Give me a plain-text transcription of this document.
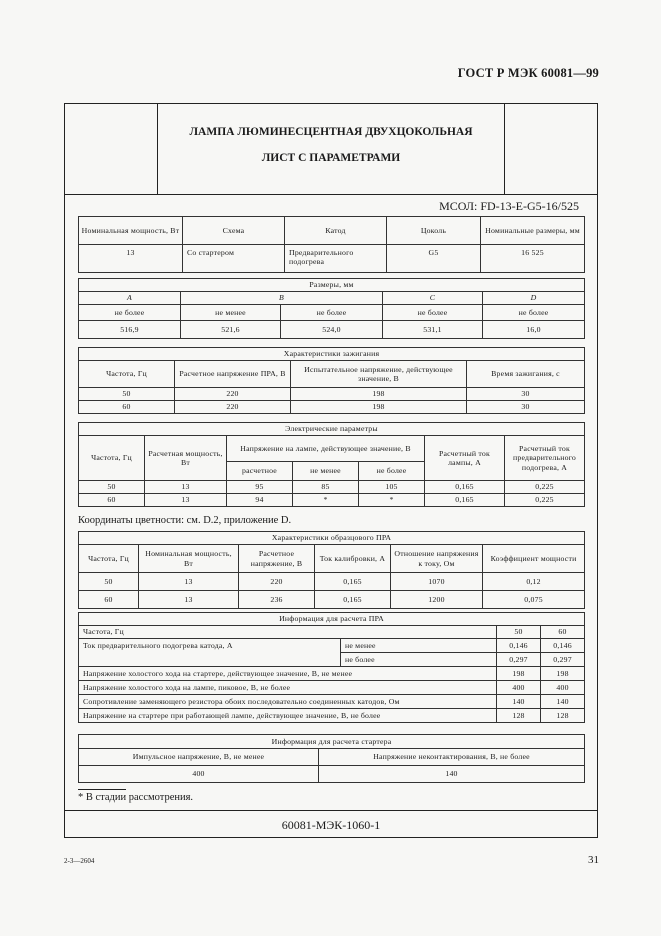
ГОСТ Р МЭК 60081—99
ЛАМПА ЛЮМИНЕСЦЕНТНАЯ ДВУХЦОКОЛЬНАЯ
ЛИСТ С ПАРАМЕТРАМИ
МСОЛ: FD-13-E-G5-16/525
Номинальная мощность, Вт	Схема	Катод	Цоколь	Номинальные размеры, мм
13	Со стартером	Предварительного подогрева	G5	16 525
Размеры, мм				
A	B		C	D
не более	не менее	не более	не более	не более
516,9	521,6	524,0	531,1	16,0
Характеристики зажигания			
Частота, Гц	Расчетное напряжение ПРА, В	Испытательное напряжение, действующее значение, В	Время зажигания, с
50	220	198	30
60	220	198	30
Электрические параметры						
Частота, Гц	Расчетная мощность, Вт	Напряжение на лампе, действующее значение, В			Расчетный ток лампы, А	Расчетный ток предварительного подогрева, А
		расчетное	не менее	не более		
50	13	95	85	105	0,165	0,225
60	13	94	*	*	0,165	0,225
Координаты цветности: см. D.2, приложение D.
Характеристики образцового ПРА					
Частота, Гц	Номинальная мощность, Вт	Расчетное напряжение, В	Ток калибровки, А	Отношение напряжения к току, Ом	Коэффициент мощности
50	13	220	0,165	1070	0,12
60	13	236	0,165	1200	0,075
Информация для расчета ПРА			
Частота, Гц		50	60
Ток предварительного подогрева катода, А	не менее	0,146	0,146
	не более	0,297	0,297
Напряжение холостого хода на стартере, действующее значение, В, не менее		198	198
Напряжение холостого хода на лампе, пиковое, В, не более		400	400
Сопротивление заменяющего резистора обоих последовательно соединенных катодов, Ом		140	140
Напряжение на стартере при работающей лампе, действующее значение, В, не более		128	128
Информация для расчета стартера	
Импульсное напряжение, В, не менее	Напряжение неконтактирования, В, не более
400	140
* В стадии рассмотрения.
60081-МЭК-1060-1
2-3—2604	31
